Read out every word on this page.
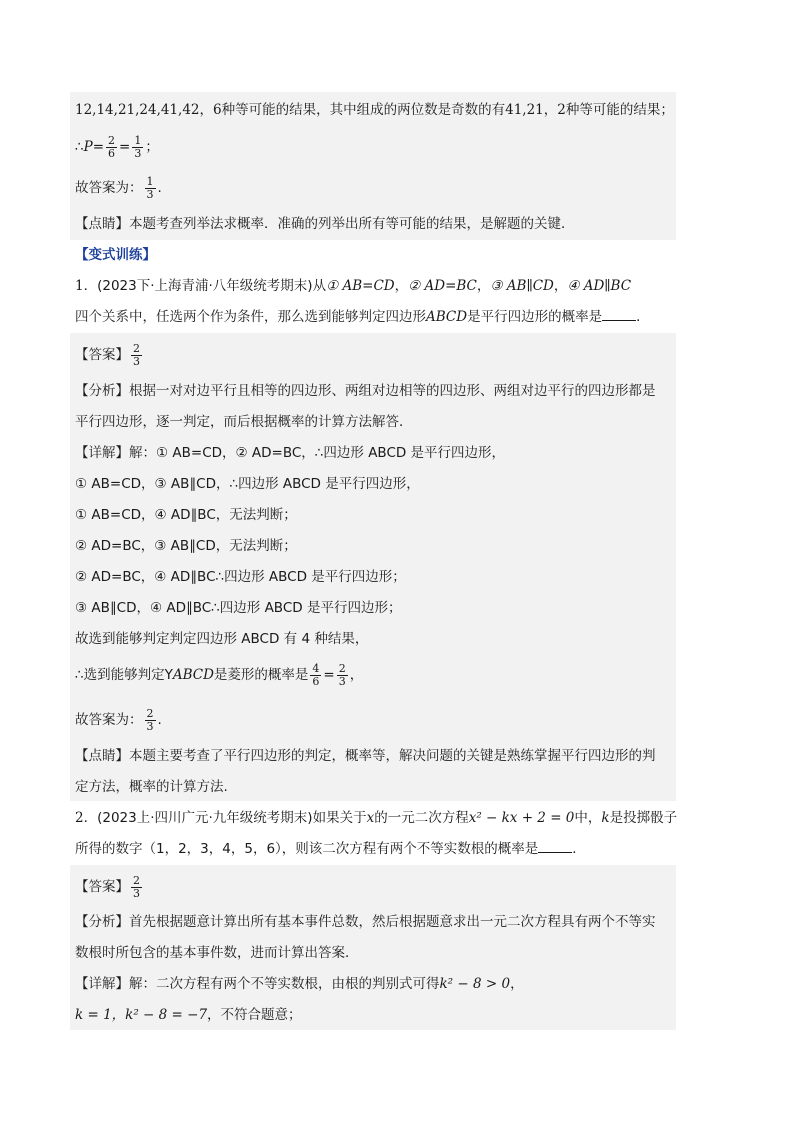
12,14,21,24,41,42，6种等可能的结果，其中组成的两位数是奇数的有41,21，2种等可能的结果；
∴P= $\frac{2}{6} = \frac{1}{3}$ ；
故答案为： $\frac{1}{3}$ .
【点睛】本题考查列举法求概率．准确的列举出所有等可能的结果，是解题的关键．
【变式训练】
1．(2023下·上海青浦·八年级统考期末)从① AB=CD，② AD=BC，③ AB∥CD，④ AD∥BC
四个关系中，任选两个作为条件，那么选到能够判定四边形ABCD是平行四边形的概率是	．
【答案】 $\frac{2}{3}$
【分析】根据一对对边平行且相等的四边形、两组对边相等的四边形、两组对边平行的四边形都是
平行四边形，逐一判定，而后根据概率的计算方法解答．
【详解】解：① AB=CD，② AD=BC，∴四边形 ABCD 是平行四边形，
① AB=CD，③ AB∥CD，∴四边形 ABCD 是平行四边形，
① AB=CD，④ AD∥BC，无法判断；
② AD=BC，③ AB∥CD，无法判断；
② AD=BC，④ AD∥BC∴四边形 ABCD 是平行四边形；
③ AB∥CD，④ AD∥BC∴四边形 ABCD 是平行四边形；
故选到能够判定判定四边形 ABCD 有 4 种结果，
∴选到能够判定YABCD是菱形的概率是 $\frac{4}{6} = \frac{2}{3}$ ，
故答案为： $\frac{2}{3}$ .
【点睛】本题主要考查了平行四边形的判定，概率等，解决问题的关键是熟练掌握平行四边形的判
定方法，概率的计算方法.
2．(2023上·四川广元·九年级统考期末)如果关于x的一元二次方程x² − kx + 2 = 0中，k是投掷骰子
所得的数字（1，2，3，4，5，6），则该二次方程有两个不等实数根的概率是	．
【答案】 $\frac{2}{3}$
【分析】首先根据题意计算出所有基本事件总数，然后根据题意求出一元二次方程具有两个不等实
数根时所包含的基本事件数，进而计算出答案．
【详解】解：二次方程有两个不等实数根，由根的判别式可得k² − 8 > 0，
k = 1，k² − 8 = −7，不符合题意；
